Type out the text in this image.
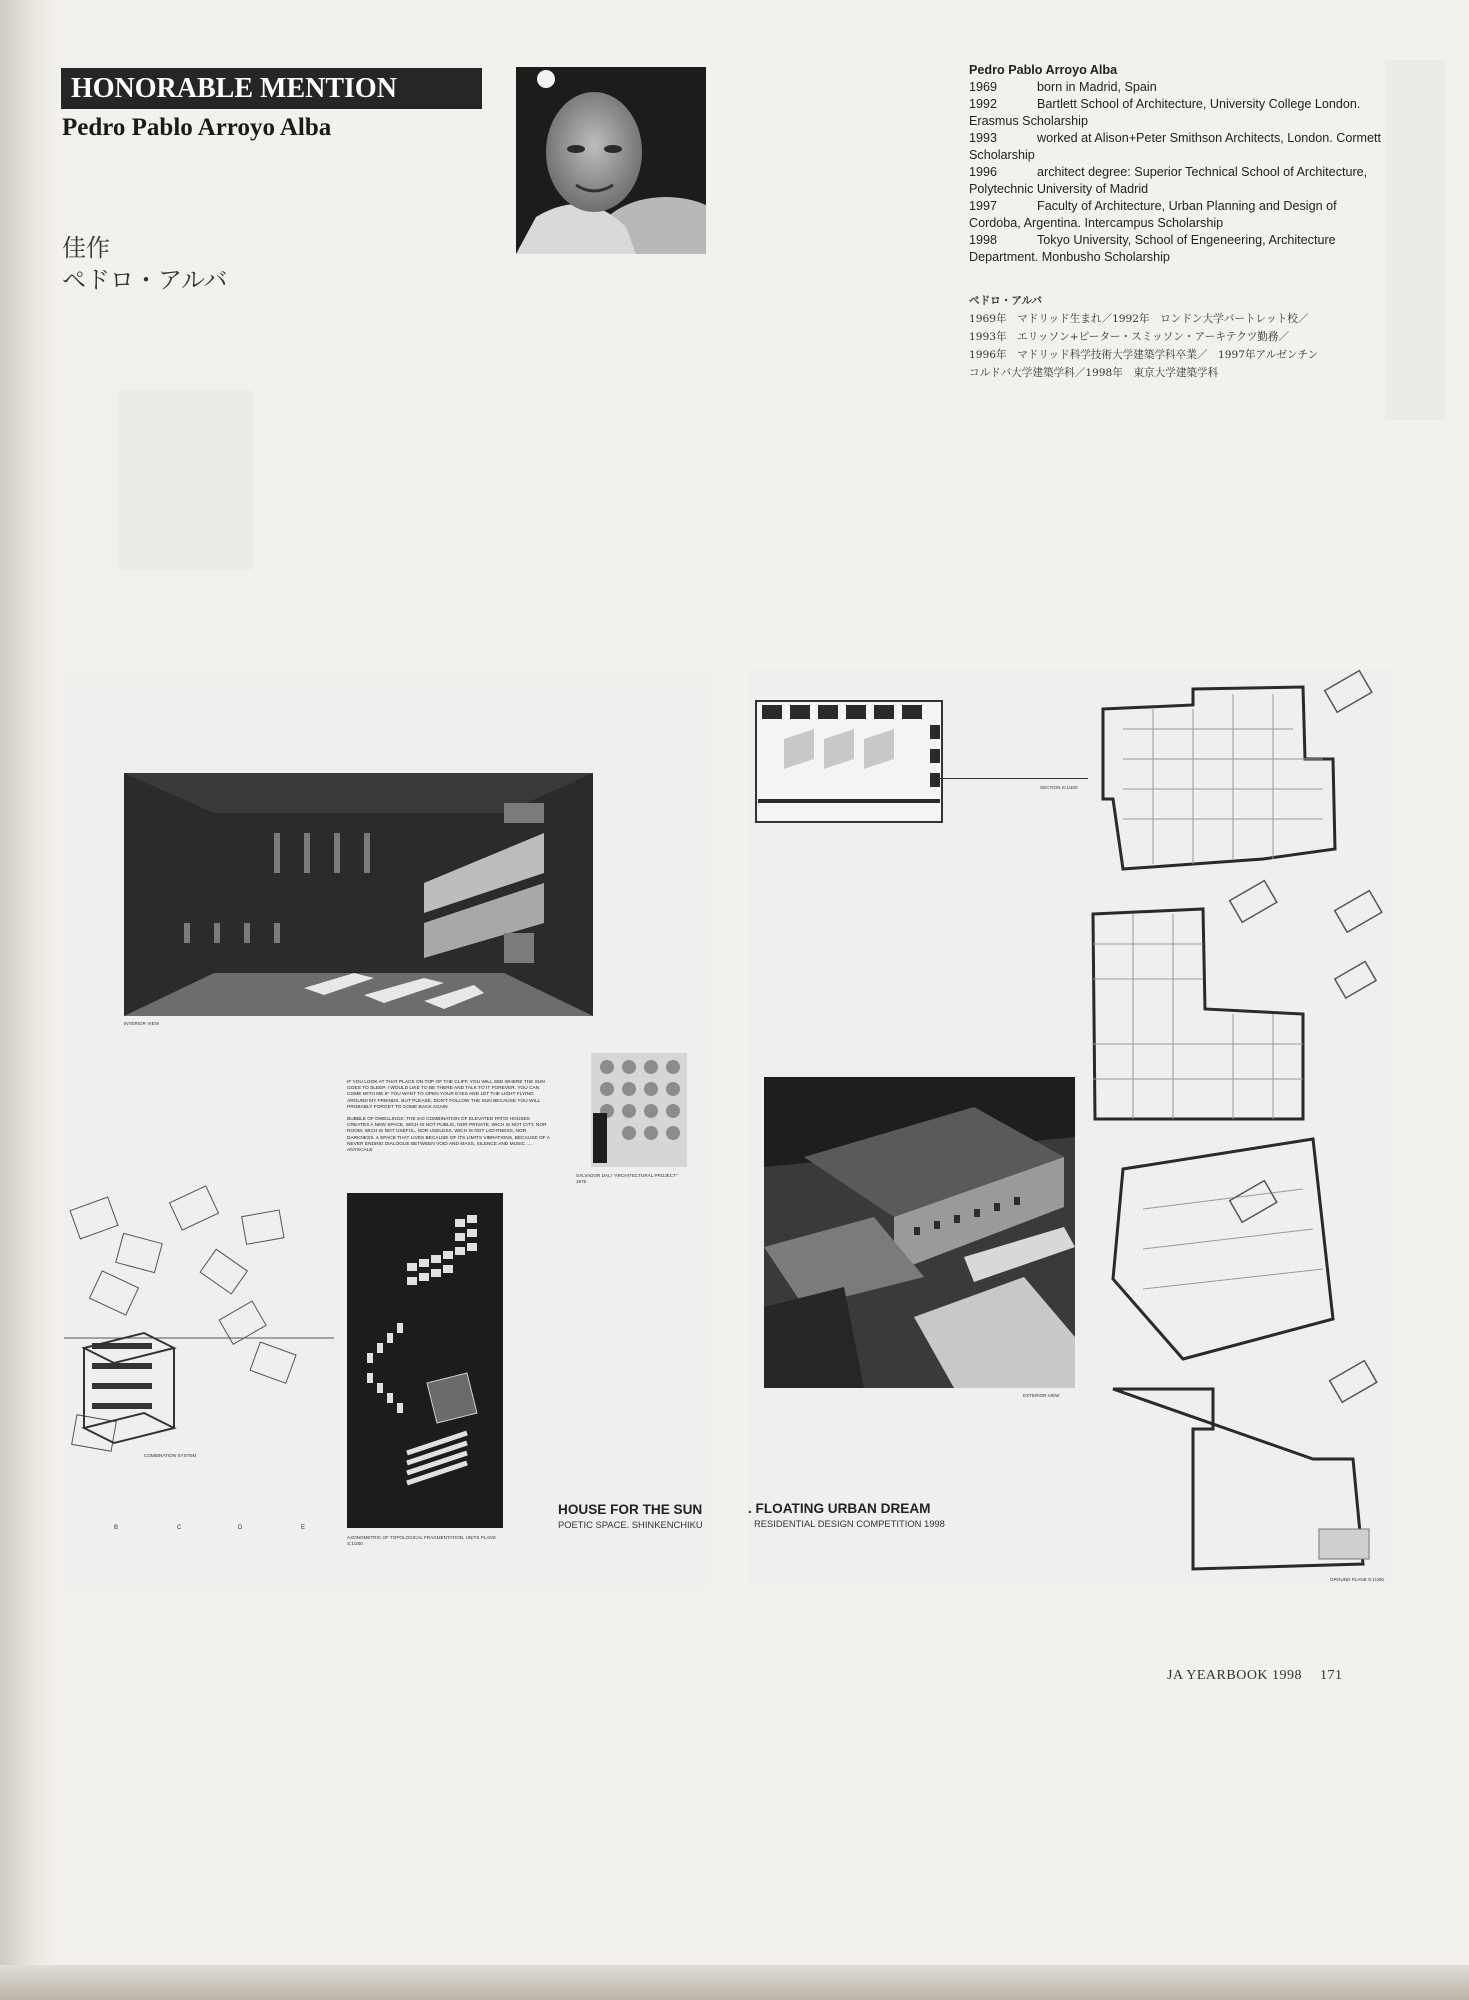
HONORABLE MENTION
Pedro Pablo Arroyo Alba
佳作
ペドロ・アルバ
Pedro Pablo Arroyo Alba
1969	born in Madrid, Spain
1992	Bartlett School of Architecture, University College London. Erasmus Scholarship
1993	worked at Alison+Peter Smithson Architects, London. Cormett Scholarship
1996	architect degree: Superior Technical School of Architecture, Polytechnic University of Madrid
1997	Faculty of Architecture, Urban Planning and Design of Cordoba, Argentina. Intercampus Scholarship
1998	Tokyo University, School of Engeneering, Architecture Department. Monbusho Scholarship
ペドロ・アルバ
1969年　マドリッド生まれ／1992年　ロンドン大学バートレット校／
1993年　エリッソン+ピーター・スミッソン・アーキテクツ勤務／
1996年　マドリッド科学技術大学建築学科卒業／　1997年アルゼンチン
コルドバ大学建築学科／1998年　東京大学建築学科
INTERIOR VIEW
IF YOU LOOK AT THAT PLACE ON TOP OF THE CLIFF, YOU WILL SEE WHERE THE SUN GOES TO SLEEP. I WOULD LIKE TO BE THERE AND TALK TO IT FOREVER. YOU CAN COME WITH ME IF YOU WANT TO OPEN YOUR EYES AND LET THE LIGHT FLYING AROUND MY FRIENDS. BUT PLEASE, DON'T FOLLOW THE SUN BECAUSE YOU WILL PROBABLY FORGET TO COME BACK AGAIN
BUBBLE OF DWELLINGS: THE 3-D COMBINATION OF ELEVATED PATIO HOUSES CREATES A NEW SPACE, WICH IS NOT PUBLIC, NOR PRIVATE, WICH IS NOT CITY, NOR ROOM, WICH IS NOT USEFUL, NOR USELESS, WICH IS NOT LIGHTNESS, NOR DARKNESS. A SPACE THAT LIVES BECAUSE OF ITS LIMITS VIBRATIONS, BECAUSE OF A NEVER ENDING DIALOGUE BETWEEN VOID AND MASS, SILENCE AND MUSIC ..... ANYSCALE
SALVADOR DALI "ARCHITECTURAL PROJECT" 1976
COMBINATION SYSTEM
B	C	D	E
AXONOMETRIC OF TOPOLOGICAL FRAGMENTATION. UNITS PLANS S:1/200
HOUSE FOR THE SUN
POETIC SPACE. SHINKENCHIKU
SECTION S:1/400
EXTERIOR VIEW
GROUND PLANE S:1/400
. FLOATING URBAN DREAM
RESIDENTIAL DESIGN COMPETITION 1998
JA YEARBOOK 1998 171
